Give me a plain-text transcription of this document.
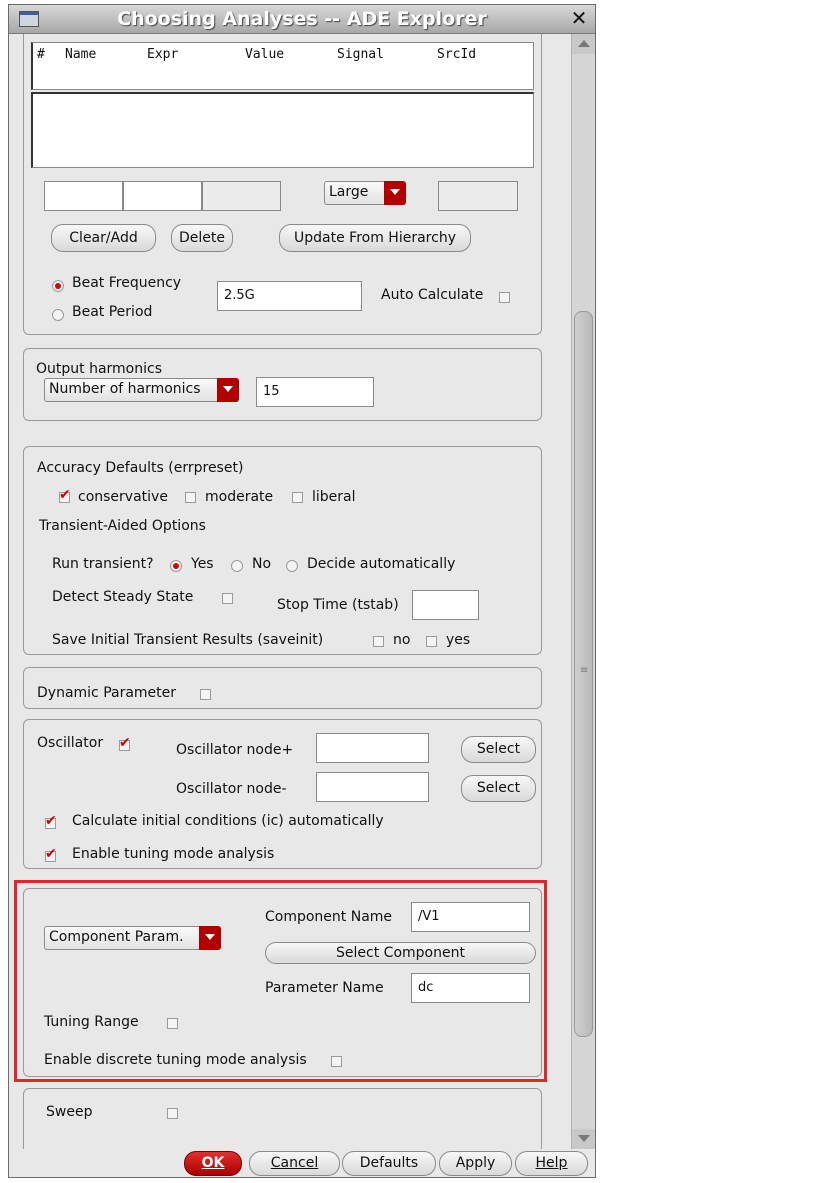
Choosing Analyses -- ADE Explorer	✕
# Name	Expr	Value	Signal	SrcId
Large
Clear/Add	Delete	Update From Hierarchy
Beat Frequency
Beat Period
2.5G	Auto Calculate
Output harmonics
Number of harmonics	15
Accuracy Defaults (errpreset)
✔
conservative	moderate	liberal
Transient-Aided Options
Run transient?	Yes	No	Decide automatically
Detect Steady State	Stop Time (tstab)
Save Initial Transient Results (saveinit)	no	yes
Dynamic Parameter
Oscillator
✔	Oscillator node+	Select
Oscillator node-	Select
✔
Calculate initial conditions (ic) automatically
✔
Enable tuning mode analysis
Component Param.
Component Name	/V1
Select Component
Parameter Name	dc
Tuning Range
Enable discrete tuning mode analysis
Sweep
≡
OK	Cancel	Defaults	Apply	Help
